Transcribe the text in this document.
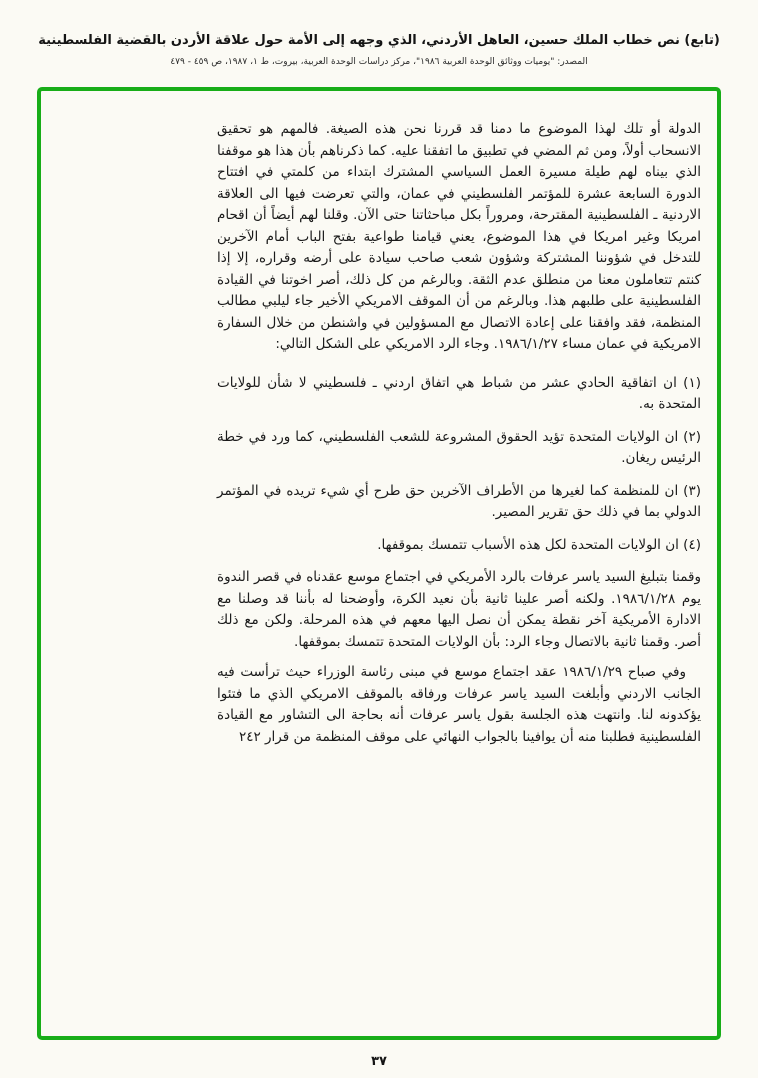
(تابع) نص خطاب الملك حسين، العاهل الأردني، الذي وجهه إلى الأمة حول علاقة الأردن بالقضية الفلسطينية
المصدر: "يوميات ووثائق الوحدة العربية ١٩٨٦"، مركز دراسات الوحدة العربية، بيروت، ط ١، ١٩٨٧، ص ٤٥٩ - ٤٧٩

الدولة أو تلك لهذا الموضوع ما دمنا قد قررنا نحن هذه الصيغة. فالمهم هو تحقيق الانسحاب أولاً، ومن ثم المضي في تطبيق ما اتفقنا عليه. كما ذكرناهم بأن هذا هو موقفنا الذي بيناه لهم طيلة مسيرة العمل السياسي المشترك ابتداء من كلمتي في افتتاح الدورة السابعة عشرة للمؤتمر الفلسطيني في عمان، والتي تعرضت فيها الى العلاقة الاردنية ـ الفلسطينية المقترحة، ومروراً بكل مباحثاتنا حتى الآن. وقلنا لهم أيضاً أن اقحام امريكا وغير امريكا في هذا الموضوع، يعني قيامنا طواعية بفتح الباب أمام الآخرين للتدخل في شؤوننا المشتركة وشؤون شعب صاحب سيادة على أرضه وقراره، إلا إذا كنتم تتعاملون معنا من منطلق عدم الثقة. وبالرغم من كل ذلك، أصر اخوتنا في القيادة الفلسطينية على طلبهم هذا. وبالرغم من أن الموقف الامريكي الأخير جاء ليلبي مطالب المنظمة، فقد وافقنا على إعادة الاتصال مع المسؤولين في واشنطن من خلال السفارة الامريكية في عمان مساء ١٩٨٦/١/٢٧. وجاء الرد الامريكي على الشكل التالي:

(١) ان اتفاقية الحادي عشر من شباط هي اتفاق اردني ـ فلسطيني لا شأن للولايات المتحدة به.

(٢) ان الولايات المتحدة تؤيد الحقوق المشروعة للشعب الفلسطيني، كما ورد في خطة الرئيس ريغان.

(٣) ان للمنظمة كما لغيرها من الأطراف الآخرين حق طرح أي شيء تريده في المؤتمر الدولي بما في ذلك حق تقرير المصير.

(٤) ان الولايات المتحدة لكل هذه الأسباب تتمسك بموقفها.

وقمنا بتبليغ السيد ياسر عرفات بالرد الأمريكي في اجتماع موسع عقدناه في قصر الندوة يوم ١٩٨٦/١/٢٨. ولكنه أصر علينا ثانية بأن نعيد الكرة، وأوضحنا له بأننا قد وصلنا مع الادارة الأمريكية آخر نقطة يمكن أن نصل اليها معهم في هذه المرحلة. ولكن مع ذلك أصر. وقمنا ثانية بالاتصال وجاء الرد: بأن الولايات المتحدة تتمسك بموقفها.

وفي صباح ١٩٨٦/١/٢٩ عقد اجتماع موسع في مبنى رئاسة الوزراء حيث ترأست فيه الجانب الاردني وأبلغت السيد ياسر عرفات ورفاقه بالموقف الامريكي الذي ما فتئوا يؤكدونه لنا. وانتهت هذه الجلسة بقول ياسر عرفات أنه بحاجة الى التشاور مع القيادة الفلسطينية فطلبنا منه أن يوافينا بالجواب النهائي على موقف المنظمة من قرار ٢٤٢

٣٧
